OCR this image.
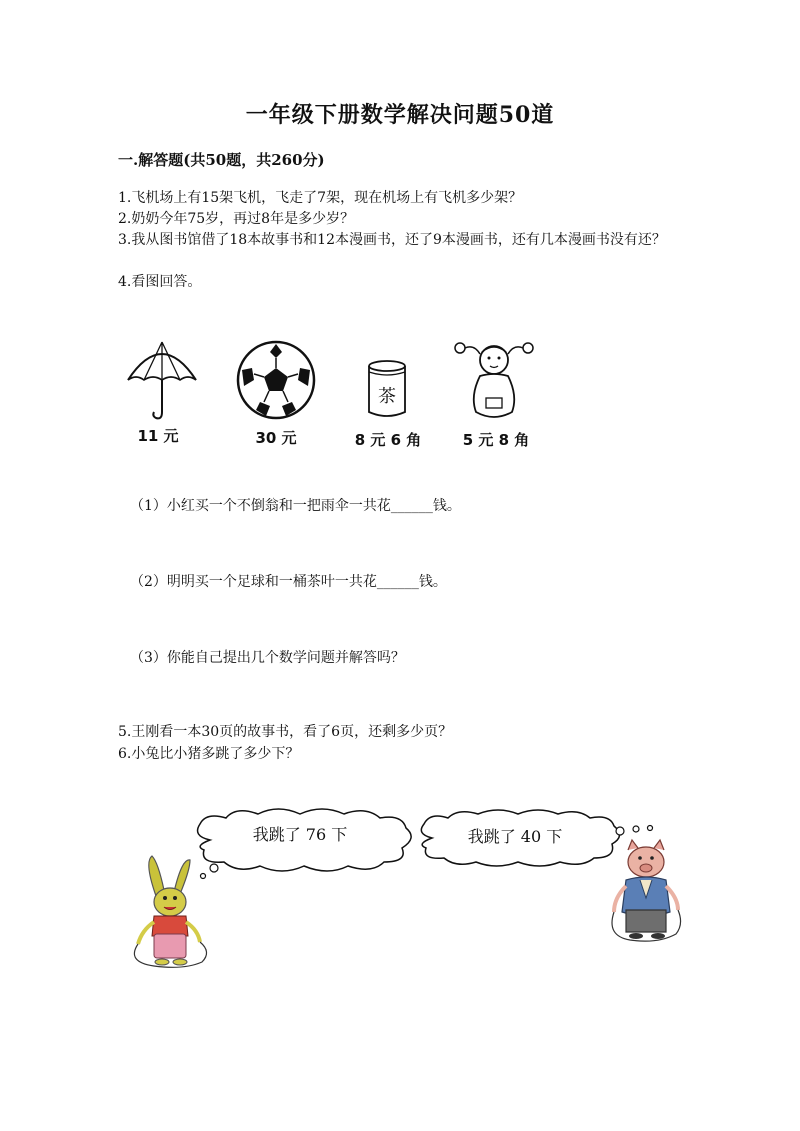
一年级下册数学解决问题50道
一.解答题(共50题，共260分)
1.飞机场上有15架飞机，飞走了7架，现在机场上有飞机多少架？
2.奶奶今年75岁，再过8年是多少岁？
3.我从图书馆借了18本故事书和12本漫画书，还了9本漫画书，还有几本漫画书没有还？
4.看图回答。
茶
11 元	30 元	8 元 6 角	5 元 8 角
（1）小红买一个不倒翁和一把雨伞一共花______钱。
（2）明明买一个足球和一桶茶叶一共花______钱。
（3）你能自己提出几个数学问题并解答吗？
5.王刚看一本30页的故事书，看了6页，还剩多少页？
6.小兔比小猪多跳了多少下？
我跳了 76 下	我跳了 40 下
